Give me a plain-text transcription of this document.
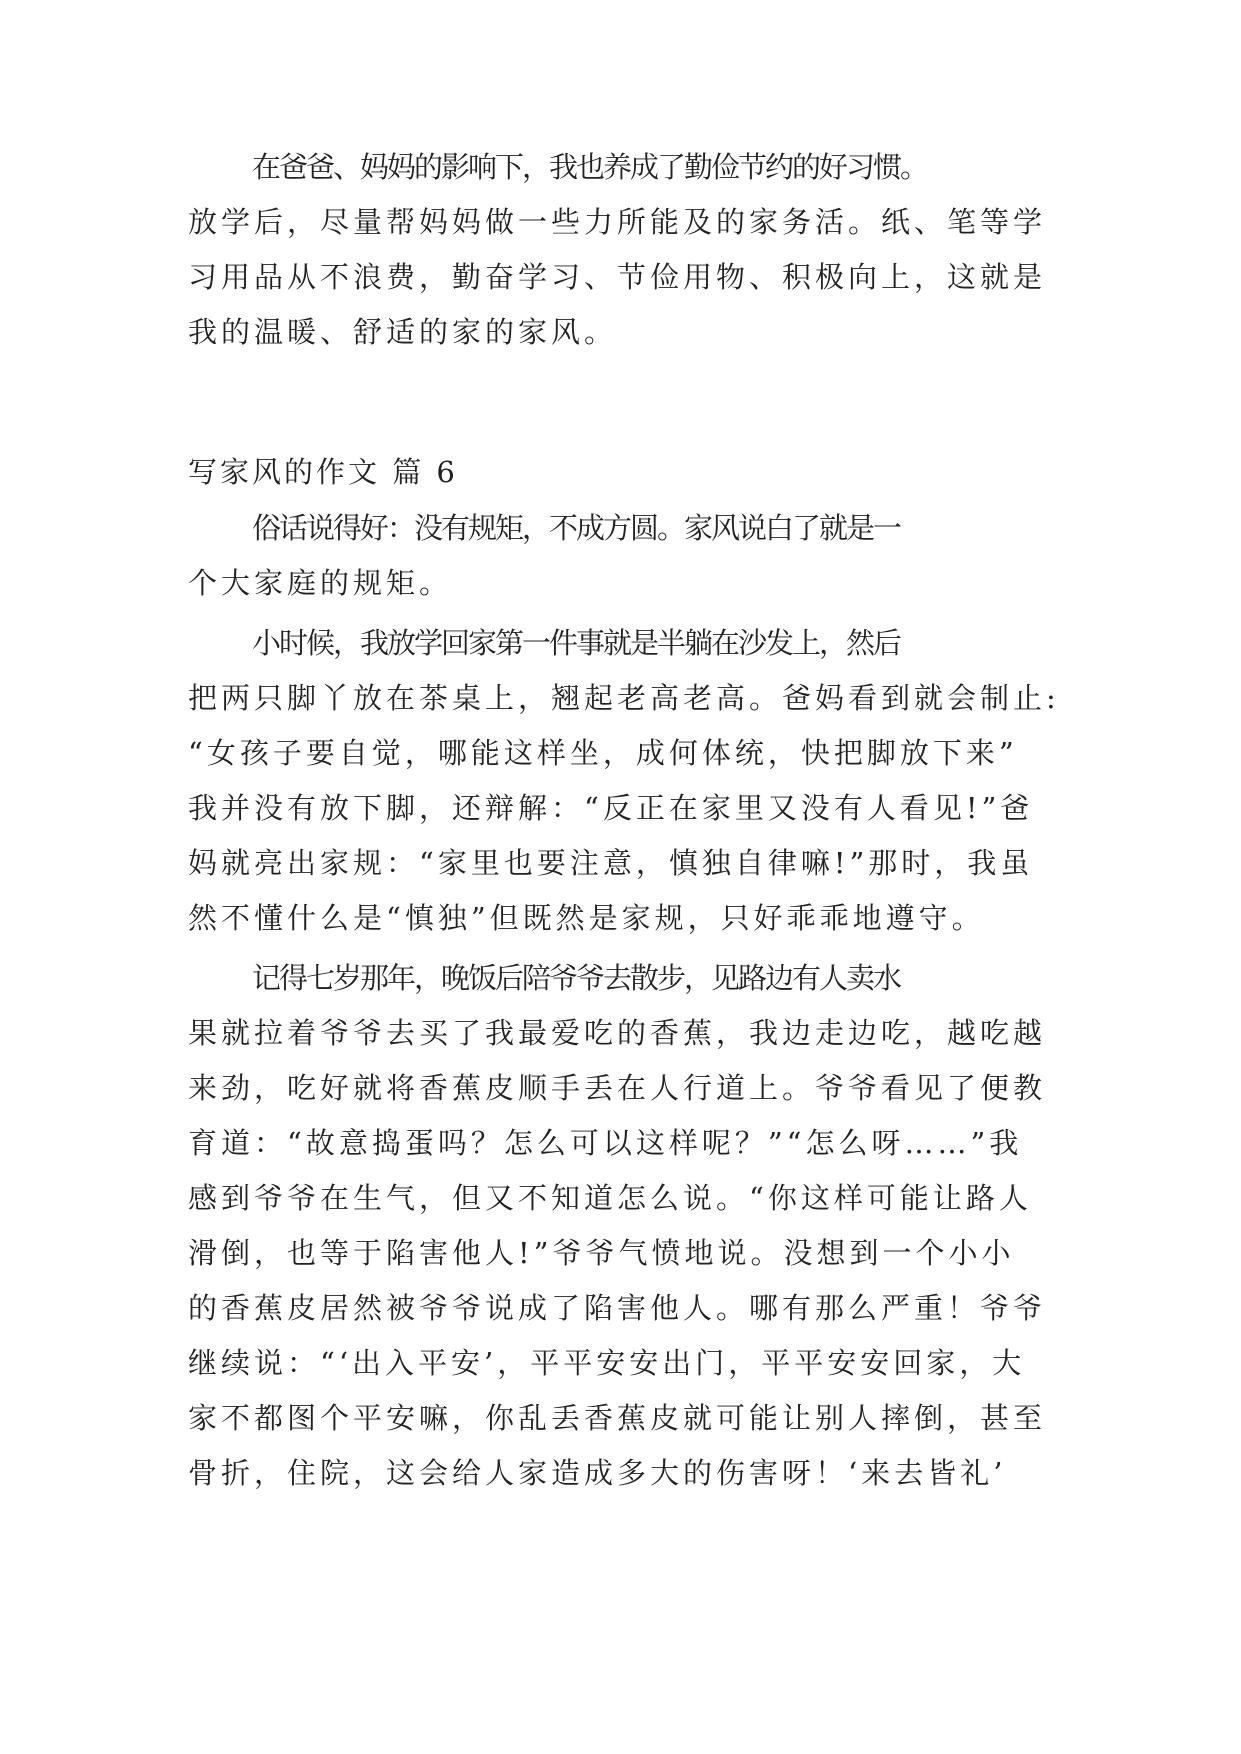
在爸爸、妈妈的影响下，我也养成了勤俭节约的好习惯。
放学后，尽量帮妈妈做一些力所能及的家务活。纸、笔等学
习用品从不浪费，勤奋学习、节俭用物、积极向上，这就是
我的温暖、舒适的家的家风。
写家风的作文 篇 6
俗话说得好：没有规矩，不成方圆。家风说白了就是一
个大家庭的规矩。
小时候，我放学回家第一件事就是半躺在沙发上，然后
把两只脚丫放在茶桌上，翘起老高老高。爸妈看到就会制止:
“女孩子要自觉，哪能这样坐，成何体统，快把脚放下来”
我并没有放下脚，还辩解：“反正在家里又没有人看见!”爸
妈就亮出家规：“家里也要注意，慎独自律嘛!”那时，我虽
然不懂什么是“慎独”但既然是家规，只好乖乖地遵守。
记得七岁那年，晚饭后陪爷爷去散步，见路边有人卖水
果就拉着爷爷去买了我最爱吃的香蕉，我边走边吃，越吃越
来劲，吃好就将香蕉皮顺手丢在人行道上。爷爷看见了便教
育道：“故意捣蛋吗？怎么可以这样呢？”“怎么呀……”我
感到爷爷在生气，但又不知道怎么说。“你这样可能让路人
滑倒，也等于陷害他人!”爷爷气愤地说。没想到一个小小
的香蕉皮居然被爷爷说成了陷害他人。哪有那么严重！爷爷
继续说：“‘出入平安’，平平安安出门，平平安安回家，大
家不都图个平安嘛，你乱丢香蕉皮就可能让别人摔倒，甚至
骨折，住院，这会给人家造成多大的伤害呀！‘来去皆礼’
